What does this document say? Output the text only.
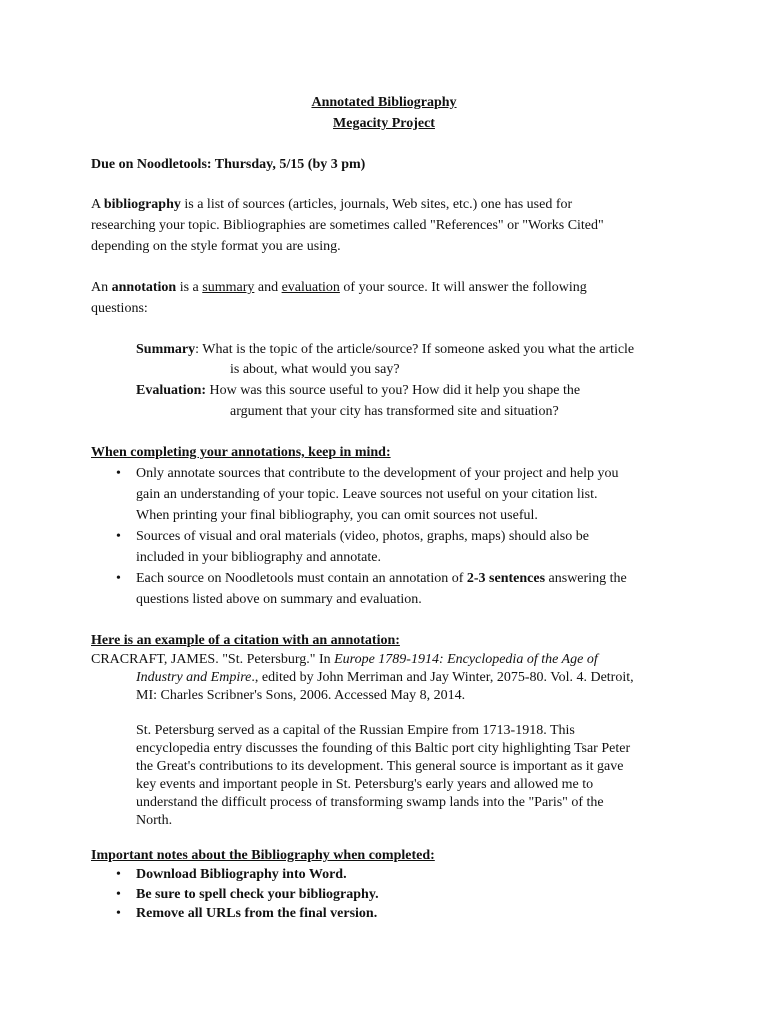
Annotated Bibliography
Megacity Project
Due on Noodletools: Thursday, 5/15 (by 3 pm)
A bibliography is a list of sources (articles, journals, Web sites, etc.) one has used for
researching your topic. Bibliographies are sometimes called "References" or "Works Cited"
depending on the style format you are using.
An annotation is a summary and evaluation of your source. It will answer the following
questions:
Summary: What is the topic of the article/source? If someone asked you what the article
is about, what would you say?
Evaluation: How was this source useful to you? How did it help you shape the
argument that your city has transformed site and situation?
When completing your annotations, keep in mind:
•	Only annotate sources that contribute to the development of your project and help you
gain an understanding of your topic. Leave sources not useful on your citation list.
When printing your final bibliography, you can omit sources not useful.
•	Sources of visual and oral materials (video, photos, graphs, maps) should also be
included in your bibliography and annotate.
•	Each source on Noodletools must contain an annotation of 2-3 sentences answering the
questions listed above on summary and evaluation.
Here is an example of a citation with an annotation:
CRACRAFT, JAMES. "St. Petersburg." In Europe 1789-1914: Encyclopedia of the Age of
Industry and Empire., edited by John Merriman and Jay Winter, 2075-80. Vol. 4. Detroit,
MI: Charles Scribner's Sons, 2006. Accessed May 8, 2014.
St. Petersburg served as a capital of the Russian Empire from 1713-1918. This
encyclopedia entry discusses the founding of this Baltic port city highlighting Tsar Peter
the Great's contributions to its development. This general source is important as it gave
key events and important people in St. Petersburg's early years and allowed me to
understand the difficult process of transforming swamp lands into the "Paris" of the
North.
Important notes about the Bibliography when completed:
•	Download Bibliography into Word.
•	Be sure to spell check your bibliography.
•	Remove all URLs from the final version.
